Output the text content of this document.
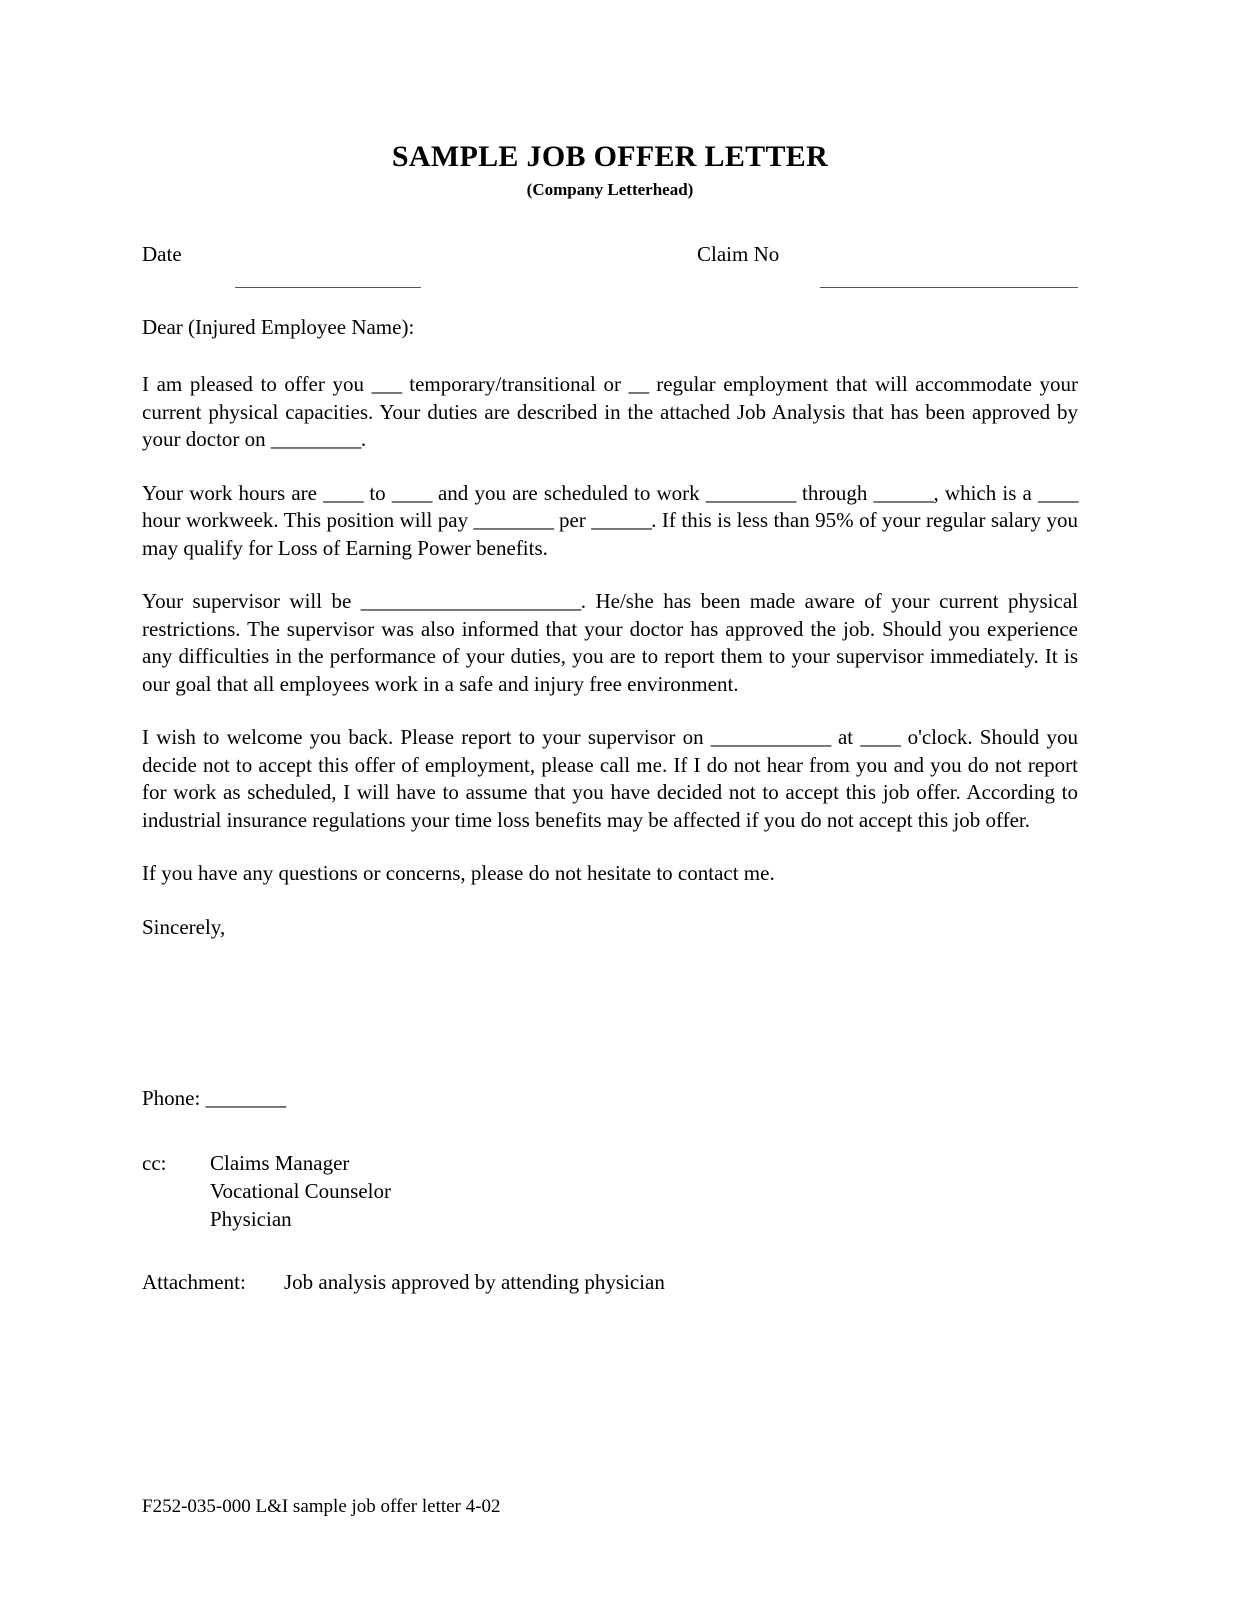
SAMPLE JOB OFFER LETTER

(Company Letterhead)

Date	Claim No

Dear (Injured Employee Name):

I am pleased to offer you ___ temporary/transitional or __ regular employment that will accommodate your current physical capacities. Your duties are described in the attached Job Analysis that has been approved by your doctor on _________.

Your work hours are ____ to ____ and you are scheduled to work _________ through ______, which is a ____ hour workweek. This position will pay ________ per ______. If this is less than 95% of your regular salary you may qualify for Loss of Earning Power benefits.

Your supervisor will be ______________________. He/she has been made aware of your current physical restrictions. The supervisor was also informed that your doctor has approved the job. Should you experience any difficulties in the performance of your duties, you are to report them to your supervisor immediately. It is our goal that all employees work in a safe and injury free environment.

I wish to welcome you back. Please report to your supervisor on ____________ at ____ o'clock. Should you decide not to accept this offer of employment, please call me. If I do not hear from you and you do not report for work as scheduled, I will have to assume that you have decided not to accept this job offer. According to industrial insurance regulations your time loss benefits may be affected if you do not accept this job offer.

If you have any questions or concerns, please do not hesitate to contact me.

Sincerely,

Phone: ________

cc:	Claims Manager
Vocational Counselor
Physician

Attachment: Job analysis approved by attending physician

F252-035-000 L&I sample job offer letter 4-02
